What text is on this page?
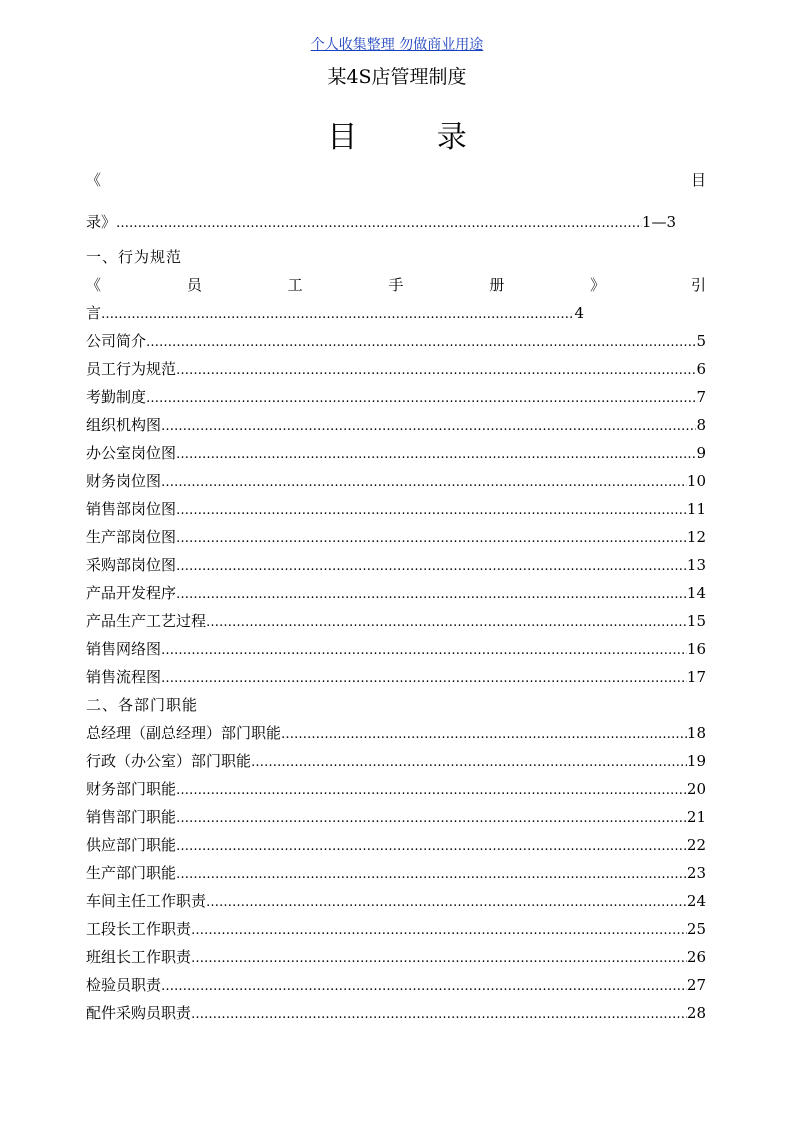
个人收集整理 勿做商业用途
某4S店管理制度
目	录
《	目
录》 ………………………………………………………………………………………………………………………………………………………	1—3
一、行为规范
《	员	工	手	册	》	引
言 ………………………………………………………………………………………………………………………………………………………	4
公司简介 ………………………………………………………………………………………………………………………………………………………	5
员工行为规范 ………………………………………………………………………………………………………………………………………………………	6
考勤制度 ………………………………………………………………………………………………………………………………………………………	7
组织机构图 ………………………………………………………………………………………………………………………………………………………	8
办公室岗位图 ………………………………………………………………………………………………………………………………………………………	9
财务岗位图 ………………………………………………………………………………………………………………………………………………………	10
销售部岗位图 ………………………………………………………………………………………………………………………………………………………	11
生产部岗位图 ………………………………………………………………………………………………………………………………………………………	12
采购部岗位图 ………………………………………………………………………………………………………………………………………………………	13
产品开发程序 ………………………………………………………………………………………………………………………………………………………	14
产品生产工艺过程 ………………………………………………………………………………………………………………………………………………………	15
销售网络图 ………………………………………………………………………………………………………………………………………………………	16
销售流程图 ………………………………………………………………………………………………………………………………………………………	17
二、各部门职能
总经理（副总经理）部门职能 ………………………………………………………………………………………………………………………………………………………	18
行政（办公室）部门职能 ………………………………………………………………………………………………………………………………………………………	19
财务部门职能 ………………………………………………………………………………………………………………………………………………………	20
销售部门职能 ………………………………………………………………………………………………………………………………………………………	21
供应部门职能 ………………………………………………………………………………………………………………………………………………………	22
生产部门职能 ………………………………………………………………………………………………………………………………………………………	23
车间主任工作职责 ………………………………………………………………………………………………………………………………………………………	24
工段长工作职责 ………………………………………………………………………………………………………………………………………………………	25
班组长工作职责 ………………………………………………………………………………………………………………………………………………………	26
检验员职责 ………………………………………………………………………………………………………………………………………………………	27
配件采购员职责 ………………………………………………………………………………………………………………………………………………………	28
